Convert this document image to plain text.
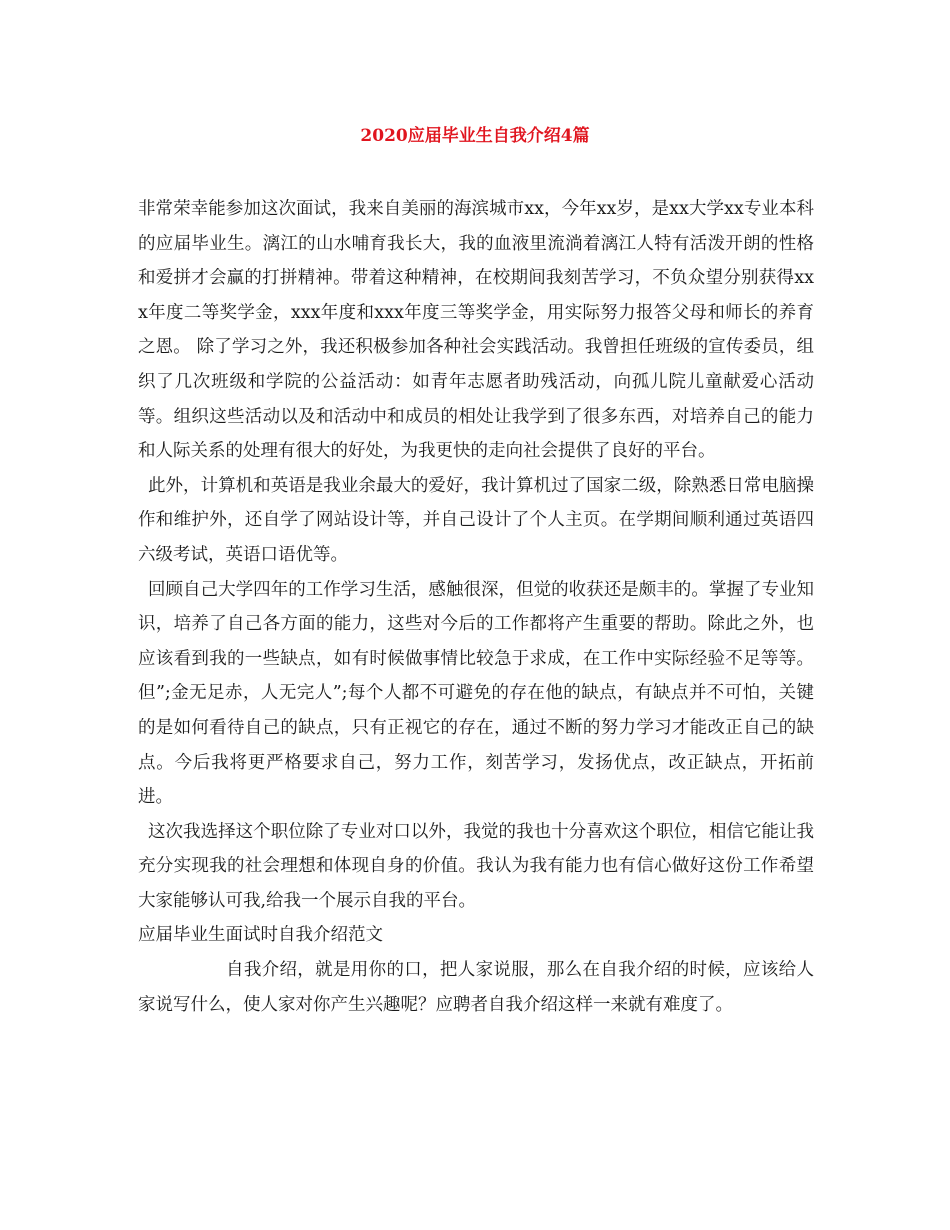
2020应届毕业生自我介绍4篇

非常荣幸能参加这次面试，我来自美丽的海滨城市xx，今年xx岁，是xx大学xx专业本科的应届毕业生。漓江的山水哺育我长大，我的血液里流淌着漓江人特有活泼开朗的性格和爱拼才会赢的打拼精神。带着这种精神，在校期间我刻苦学习，不负众望分别获得xxx年度二等奖学金，xxx年度和xxx年度三等奖学金，用实际努力报答父母和师长的养育之恩。 除了学习之外，我还积极参加各种社会实践活动。我曾担任班级的宣传委员，组织了几次班级和学院的公益活动：如青年志愿者助残活动，向孤儿院儿童献爱心活动等。组织这些活动以及和活动中和成员的相处让我学到了很多东西，对培养自己的能力和人际关系的处理有很大的好处，为我更快的走向社会提供了良好的平台。

此外，计算机和英语是我业余最大的爱好，我计算机过了国家二级，除熟悉日常电脑操作和维护外，还自学了网站设计等，并自己设计了个人主页。在学期间顺利通过英语四六级考试，英语口语优等。

回顾自己大学四年的工作学习生活，感触很深，但觉的收获还是颇丰的。掌握了专业知识，培养了自己各方面的能力，这些对今后的工作都将产生重要的帮助。除此之外，也应该看到我的一些缺点，如有时候做事情比较急于求成，在工作中实际经验不足等等。但”;金无足赤，人无完人”;每个人都不可避免的存在他的缺点，有缺点并不可怕，关键的是如何看待自己的缺点，只有正视它的存在，通过不断的努力学习才能改正自己的缺点。今后我将更严格要求自己，努力工作，刻苦学习，发扬优点，改正缺点，开拓前进。

这次我选择这个职位除了专业对口以外，我觉的我也十分喜欢这个职位，相信它能让我充分实现我的社会理想和体现自身的价值。我认为我有能力也有信心做好这份工作希望大家能够认可我,给我一个展示自我的平台。

应届毕业生面试时自我介绍范文

自我介绍，就是用你的口，把人家说服，那么在自我介绍的时候，应该给人家说写什么，使人家对你产生兴趣呢？应聘者自我介绍这样一来就有难度了。
